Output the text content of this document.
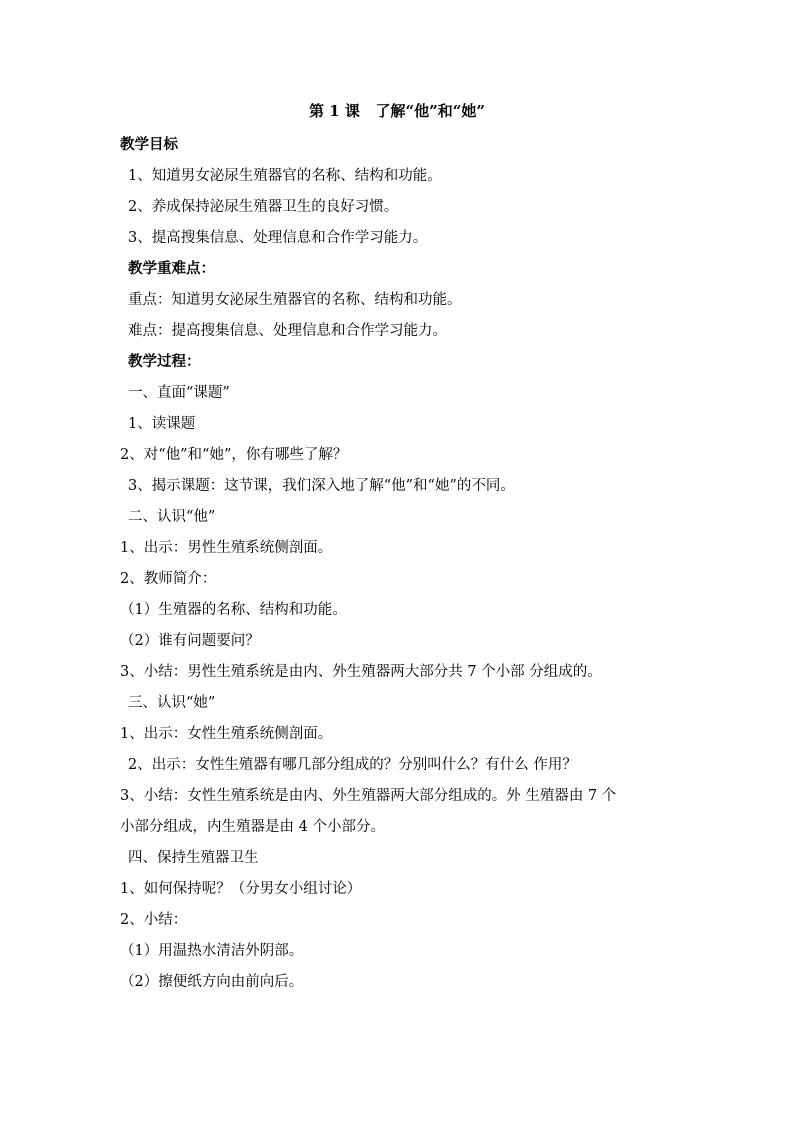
第 1 课   了解“他”和“她”
教学目标
1、知道男女泌尿生殖器官的名称、结构和功能。
2、养成保持泌尿生殖器卫生的良好习惯。
3、提高搜集信息、处理信息和合作学习能力。
教学重难点：
重点：知道男女泌尿生殖器官的名称、结构和功能。
难点：提高搜集信息、处理信息和合作学习能力。
教学过程：
一、直面“课题”
1、读课题
2、对“他”和“她”，你有哪些了解？
3、揭示课题：这节课，我们深入地了解“他”和“她”的不同。
二、认识“他”
1、出示：男性生殖系统侧剖面。
2、教师简介：
（1）生殖器的名称、结构和功能。
（2）谁有问题要问？
3、小结：男性生殖系统是由内、外生殖器两大部分共 7 个小部 分组成的。
三、认识“她”
1、出示：女性生殖系统侧剖面。
2、出示：女性生殖器有哪几部分组成的？分别叫什么？有什么 作用？
3、小结：女性生殖系统是由内、外生殖器两大部分组成的。外 生殖器由 7 个
小部分组成，内生殖器是由 4 个小部分。
四、保持生殖器卫生
1、如何保持呢？（分男女小组讨论）
2、小结：
（1）用温热水清洁外阴部。
（2）擦便纸方向由前向后。
